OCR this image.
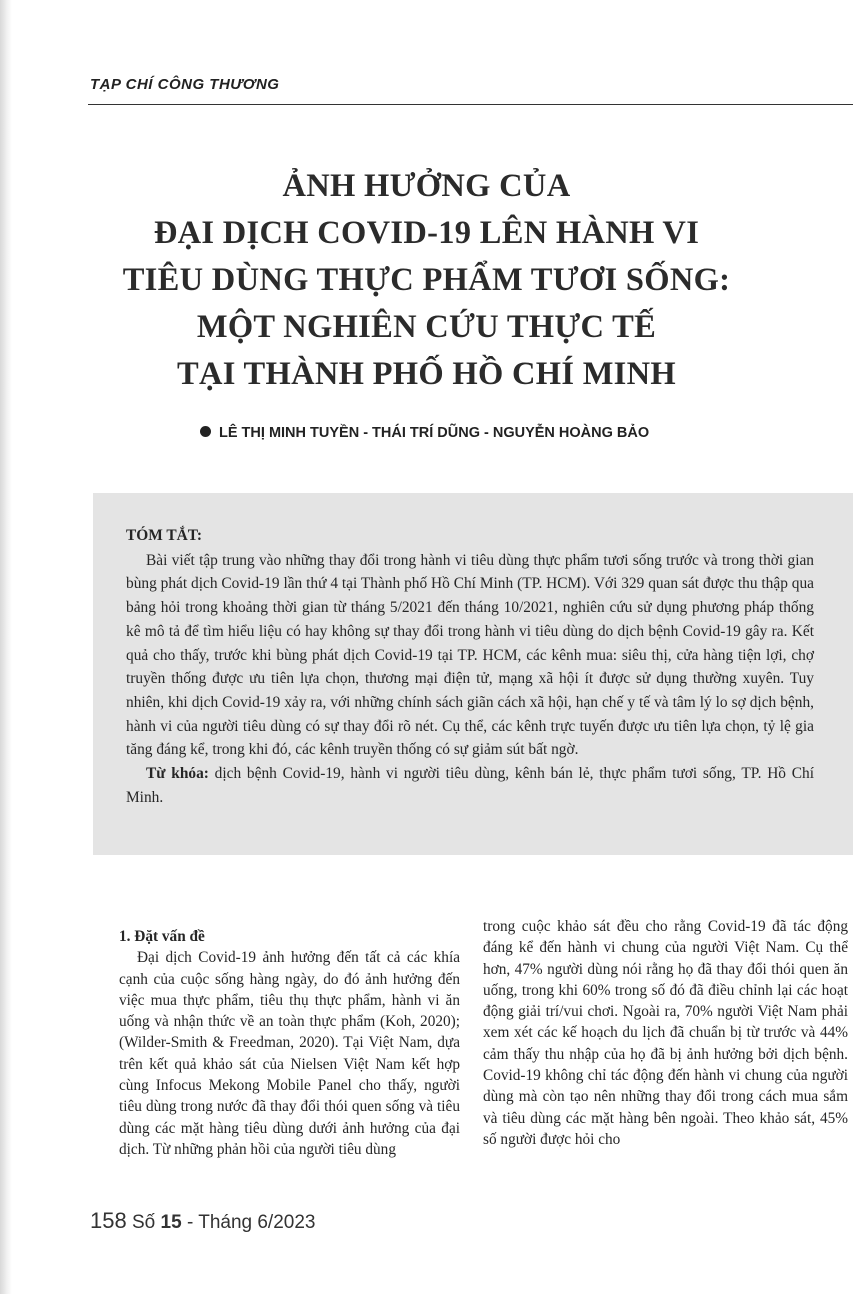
TẠP CHÍ CÔNG THƯƠNG
ẢNH HƯỞNG CỦA
ĐẠI DỊCH COVID-19 LÊN HÀNH VI
TIÊU DÙNG THỰC PHẨM TƯƠI SỐNG:
MỘT NGHIÊN CỨU THỰC TẾ
TẠI THÀNH PHỐ HỒ CHÍ MINH
LÊ THỊ MINH TUYỀN - THÁI TRÍ DŨNG - NGUYỄN HOÀNG BẢO
TÓM TẮT:

Bài viết tập trung vào những thay đổi trong hành vi tiêu dùng thực phẩm tươi sống trước và trong thời gian bùng phát dịch Covid-19 lần thứ 4 tại Thành phố Hồ Chí Minh (TP. HCM). Với 329 quan sát được thu thập qua bảng hỏi trong khoảng thời gian từ tháng 5/2021 đến tháng 10/2021, nghiên cứu sử dụng phương pháp thống kê mô tả để tìm hiểu liệu có hay không sự thay đổi trong hành vi tiêu dùng do dịch bệnh Covid-19 gây ra. Kết quả cho thấy, trước khi bùng phát dịch Covid-19 tại TP. HCM, các kênh mua: siêu thị, cửa hàng tiện lợi, chợ truyền thống được ưu tiên lựa chọn, thương mại điện tử, mạng xã hội ít được sử dụng thường xuyên. Tuy nhiên, khi dịch Covid-19 xảy ra, với những chính sách giãn cách xã hội, hạn chế y tế và tâm lý lo sợ dịch bệnh, hành vi của người tiêu dùng có sự thay đổi rõ nét. Cụ thể, các kênh trực tuyến được ưu tiên lựa chọn, tỷ lệ gia tăng đáng kể, trong khi đó, các kênh truyền thống có sự giảm sút bất ngờ.

Từ khóa: dịch bệnh Covid-19, hành vi người tiêu dùng, kênh bán lẻ, thực phẩm tươi sống, TP. Hồ Chí Minh.

1. Đặt vấn đề

Đại dịch Covid-19 ảnh hưởng đến tất cả các khía cạnh của cuộc sống hàng ngày, do đó ảnh hưởng đến việc mua thực phẩm, tiêu thụ thực phẩm, hành vi ăn uống và nhận thức về an toàn thực phẩm (Koh, 2020); (Wilder-Smith & Freedman, 2020). Tại Việt Nam, dựa trên kết quả khảo sát của Nielsen Việt Nam kết hợp cùng Infocus Mekong Mobile Panel cho thấy, người tiêu dùng trong nước đã thay đổi thói quen sống và tiêu dùng các mặt hàng tiêu dùng dưới ảnh hưởng của đại dịch. Từ những phản hồi của người tiêu dùng

trong cuộc khảo sát đều cho rằng Covid-19 đã tác động đáng kể đến hành vi chung của người Việt Nam. Cụ thể hơn, 47% người dùng nói rằng họ đã thay đổi thói quen ăn uống, trong khi 60% trong số đó đã điều chỉnh lại các hoạt động giải trí/vui chơi. Ngoài ra, 70% người Việt Nam phải xem xét các kế hoạch du lịch đã chuẩn bị từ trước và 44% cảm thấy thu nhập của họ đã bị ảnh hưởng bởi dịch bệnh. Covid-19 không chỉ tác động đến hành vi chung của người dùng mà còn tạo nên những thay đổi trong cách mua sắm và tiêu dùng các mặt hàng bên ngoài. Theo khảo sát, 45% số người được hỏi cho

158 Số 15 - Tháng 6/2023
